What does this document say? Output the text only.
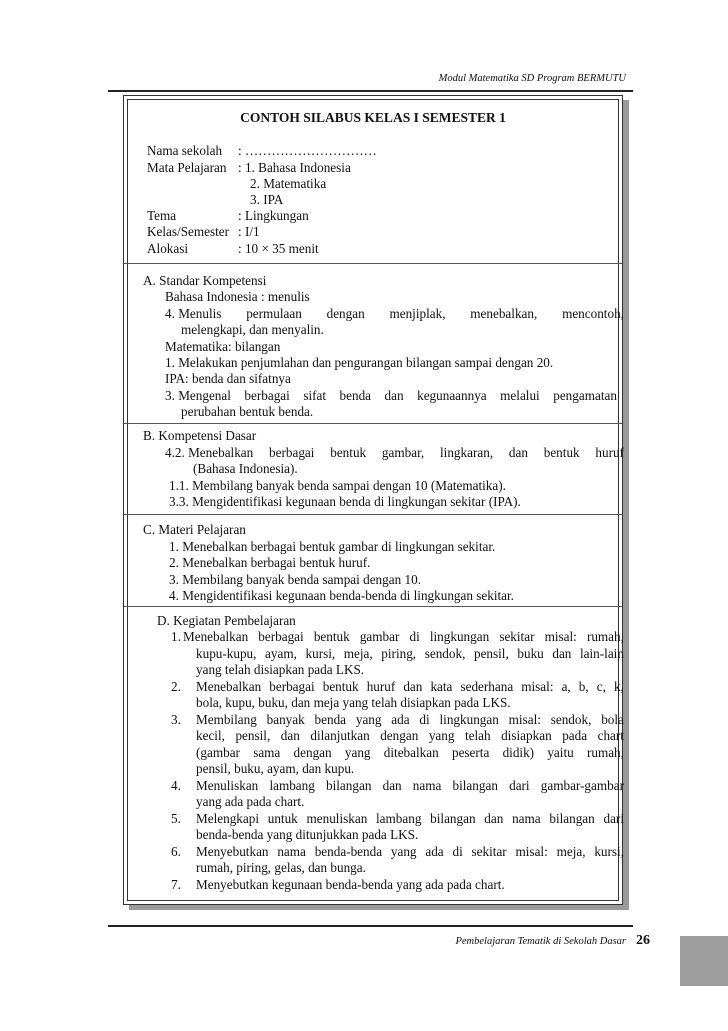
Modul Matematika SD Program BERMUTU
CONTOH SILABUS KELAS I SEMESTER 1
Nama sekolah : …………………………
Mata Pelajaran : 1. Bahasa Indonesia
2. Matematika
3. IPA
Tema	: Lingkungan
Kelas/Semester : I/1
Alokasi	: 10 × 35 menit
A. Standar Kompetensi
Bahasa Indonesia : menulis
4. Menulis permulaan dengan menjiplak, menebalkan, mencontoh,
melengkapi, dan menyalin.
Matematika: bilangan
1. Melakukan penjumlahan dan pengurangan bilangan sampai dengan 20.
IPA: benda dan sifatnya
3. Mengenal berbagai sifat benda dan kegunaannya melalui pengamatan
perubahan bentuk benda.
B. Kompetensi Dasar
4.2. Menebalkan berbagai bentuk gambar, lingkaran, dan bentuk huruf
(Bahasa Indonesia).
1.1. Membilang banyak benda sampai dengan 10 (Matematika).
3.3. Mengidentifikasi kegunaan benda di lingkungan sekitar (IPA).
C. Materi Pelajaran
1. Menebalkan berbagai bentuk gambar di lingkungan sekitar.
2. Menebalkan berbagai bentuk huruf.
3. Membilang banyak benda sampai dengan 10.
4. Mengidentifikasi kegunaan benda-benda di lingkungan sekitar.
D. Kegiatan Pembelajaran
1. Menebalkan berbagai bentuk gambar di lingkungan sekitar misal: rumah,
kupu-kupu, ayam, kursi, meja, piring, sendok, pensil, buku dan lain-lain
yang telah disiapkan pada LKS.
2. Menebalkan berbagai bentuk huruf dan kata sederhana misal: a, b, c, k,
bola, kupu, buku, dan meja yang telah disiapkan pada LKS.
3. Membilang banyak benda yang ada di lingkungan misal: sendok, bola
kecil, pensil, dan dilanjutkan dengan yang telah disiapkan pada chart
(gambar sama dengan yang ditebalkan peserta didik) yaitu rumah,
pensil, buku, ayam, dan kupu.
4. Menuliskan lambang bilangan dan nama bilangan dari gambar-gambar
yang ada pada chart.
5. Melengkapi untuk menuliskan lambang bilangan dan nama bilangan dari
benda-benda yang ditunjukkan pada LKS.
6. Menyebutkan nama benda-benda yang ada di sekitar misal: meja, kursi,
rumah, piring, gelas, dan bunga.
7. Menyebutkan kegunaan benda-benda yang ada pada chart.
Pembelajaran Tematik di Sekolah Dasar 26
